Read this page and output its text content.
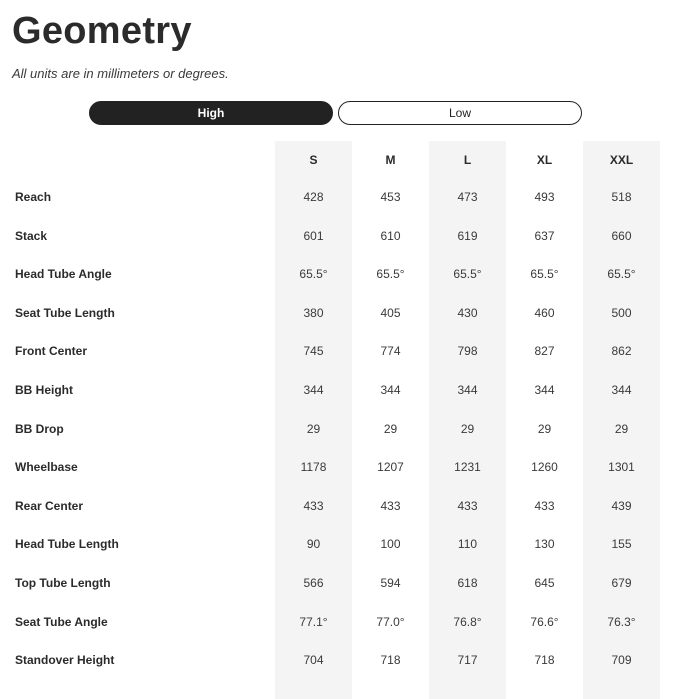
Geometry
All units are in millimeters or degrees.
High	Low
S	M	L	XL	XXL
Reach	428	453	473	493	518
Stack	601	610	619	637	660
Head Tube Angle	65.5°	65.5°	65.5°	65.5°	65.5°
Seat Tube Length	380	405	430	460	500
Front Center	745	774	798	827	862
BB Height	344	344	344	344	344
BB Drop	29	29	29	29	29
Wheelbase	1178	1207	1231	1260	1301
Rear Center	433	433	433	433	439
Head Tube Length	90	100	110	130	155
Top Tube Length	566	594	618	645	679
Seat Tube Angle	77.1°	77.0°	76.8°	76.6°	76.3°
Standover Height	704	718	717	718	709
